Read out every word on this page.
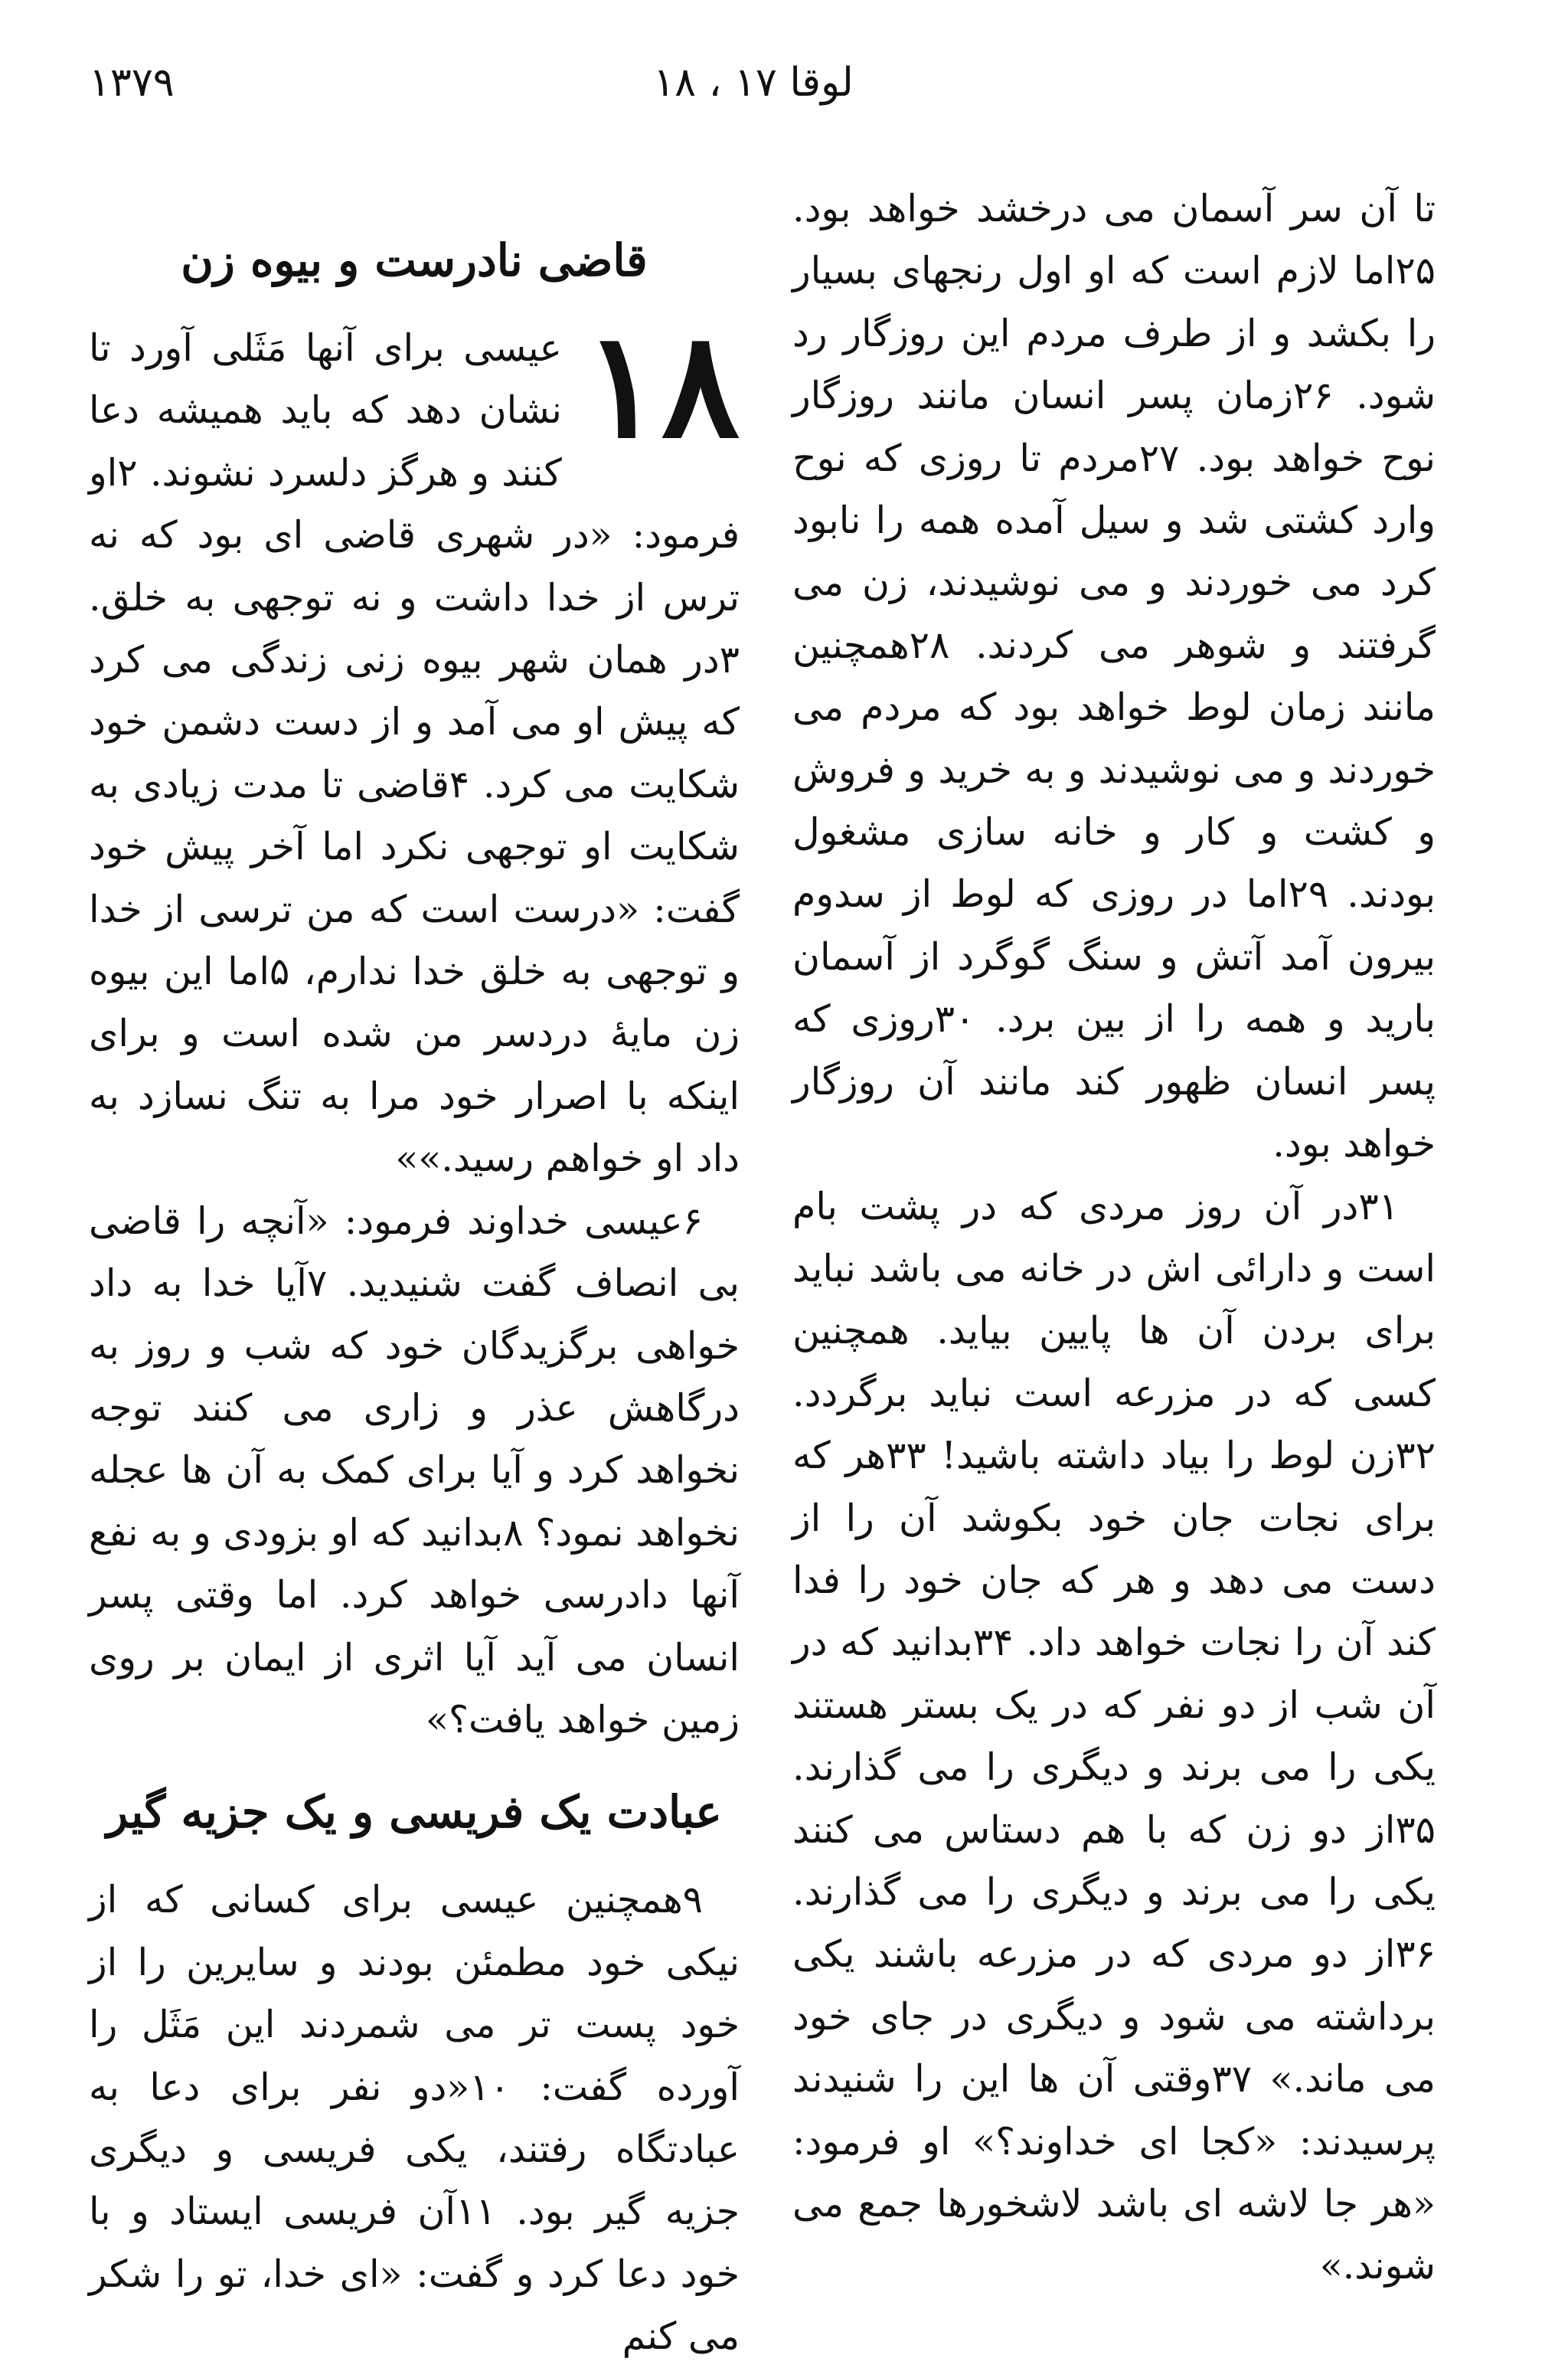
۱۳۷۹	لوقا ۱۷ ، ۱۸

تا آن سر آسمان می درخشد خواهد بود. ۲۵اما لازم است که او اول رنجهای بسیار را بکشد و از طرف مردم این روزگار رد شود. ۲۶زمان پسر انسان مانند روزگار نوح خواهد بود. ۲۷مردم تا روزی که نوح وارد کشتی شد و سیل آمده همه را نابود کرد می خوردند و می نوشیدند، زن می گرفتند و شوهر می کردند. ۲۸همچنین مانند زمان لوط خواهد بود که مردم می خوردند و می نوشیدند و به خرید و فروش و کشت و کار و خانه سازی مشغول بودند. ۲۹اما در روزی که لوط از سدوم بیرون آمد آتش و سنگ گوگرد از آسمان بارید و همه را از بین برد. ۳۰روزی که پسر انسان ظهور کند مانند آن روزگار خواهد بود.

۳۱در آن روز مردی که در پشت بام است و دارائی اش در خانه می باشد نباید برای بردن آن ها پایین بیاید. همچنین کسی که در مزرعه است نباید برگردد. ۳۲زن لوط را بیاد داشته باشید! ۳۳هر که برای نجات جان خود بکوشد آن را از دست می دهد و هر که جان خود را فدا کند آن را نجات خواهد داد. ۳۴بدانید که در آن شب از دو نفر که در یک بستر هستند یکی را می برند و دیگری را می گذارند. ۳۵از دو زن که با هم دستاس می کنند یکی را می برند و دیگری را می گذارند. ۳۶از دو مردی که در مزرعه باشند یکی برداشته می شود و دیگری در جای خود می ماند.» ۳۷وقتی آن ها این را شنیدند پرسیدند: «کجا ای خداوند؟» او فرمود: «هر جا لاشه ای باشد لاشخورها جمع می شوند.»

قاضی نادرست و بیوه زن
۱۸

عیسی برای آنها مَثَلی آورد تا نشان دهد که باید همیشه دعا کنند و هرگز دلسرد نشوند. ۲او فرمود: «در شهری قاضی ای بود که نه ترس از خدا داشت و نه توجهی به خلق. ۳در همان شهر بیوه زنی زندگی می کرد که پیش او می آمد و از دست دشمن خود شکایت می کرد. ۴قاضی تا مدت زیادی به شکایت او توجهی نکرد اما آخر پیش خود گفت: «درست است که من ترسی از خدا و توجهی به خلق خدا ندارم، ۵اما این بیوه زن مایهٔ دردسر من شده است و برای اینکه با اصرار خود مرا به تنگ نسازد به داد او خواهم رسید.»»

۶عیسی خداوند فرمود: «آنچه را قاضی بی انصاف گفت شنیدید. ۷آیا خدا به داد خواهی برگزیدگان خود که شب و روز به درگاهش عذر و زاری می کنند توجه نخواهد کرد و آیا برای کمک به آن ها عجله نخواهد نمود؟ ۸بدانید که او بزودی و به نفع آنها دادرسی خواهد کرد. اما وقتی پسر انسان می آید آیا اثری از ایمان بر روی زمین خواهد یافت؟»

عبادت یک فریسی و یک جزیه گیر

۹همچنین عیسی برای کسانی که از نیکی خود مطمئن بودند و سایرین را از خود پست تر می شمردند این مَثَل را آورده گفت: ۱۰«دو نفر برای دعا به عبادتگاه رفتند، یکی فریسی و دیگری جزیه گیر بود. ۱۱آن فریسی ایستاد و با خود دعا کرد و گفت: «ای خدا، تو را شکر می کنم
